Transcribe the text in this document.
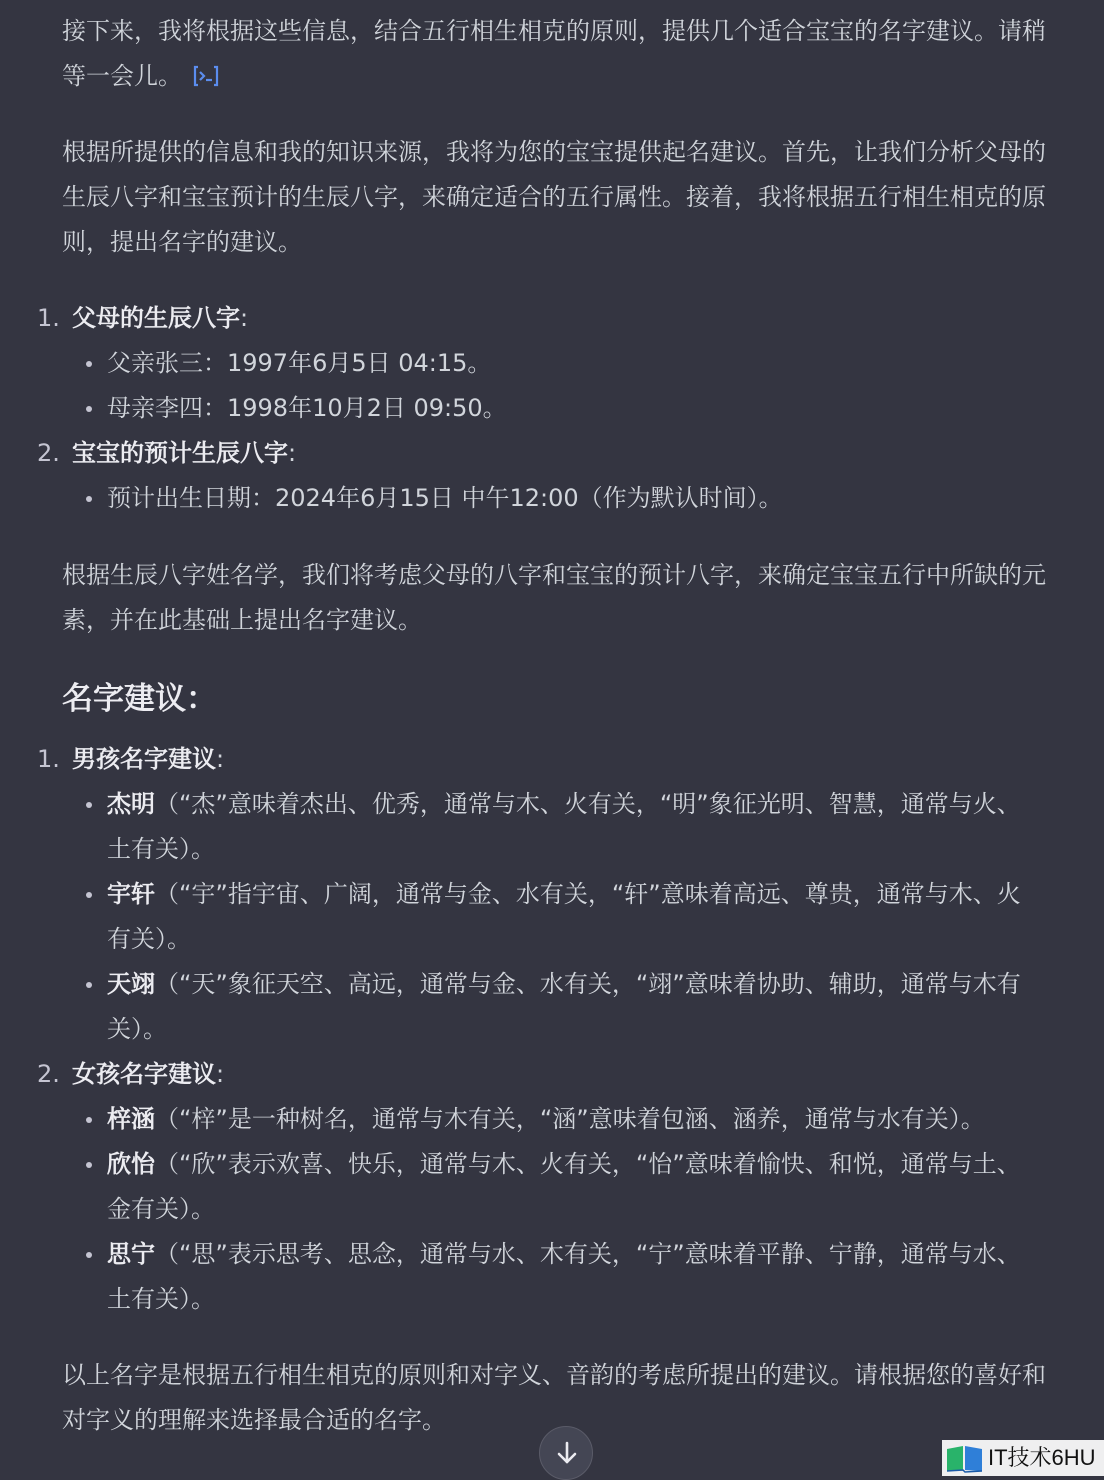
接下来，我将根据这些信息，结合五行相生相克的原则，提供几个适合宝宝的名字建议。请稍等一会儿。

根据所提供的信息和我的知识来源，我将为您的宝宝提供起名建议。首先，让我们分析父母的生辰八字和宝宝预计的生辰八字，来确定适合的五行属性。接着，我将根据五行相生相克的原则，提出名字的建议。

1. 父母的生辰八字:
父亲张三：1997年6月5日 04:15。
母亲李四：1998年10月2日 09:50。
2. 宝宝的预计生辰八字:
预计出生日期：2024年6月15日 中午12:00（作为默认时间）。

根据生辰八字姓名学，我们将考虑父母的八字和宝宝的预计八字，来确定宝宝五行中所缺的元素，并在此基础上提出名字建议。

名字建议：
1. 男孩名字建议:
杰明（“杰”意味着杰出、优秀，通常与木、火有关，“明”象征光明、智慧，通常与火、土有关）。
宇轩（“宇”指宇宙、广阔，通常与金、水有关，“轩”意味着高远、尊贵，通常与木、火有关）。
天翊（“天”象征天空、高远，通常与金、水有关，“翊”意味着协助、辅助，通常与木有关）。
2. 女孩名字建议:
梓涵（“梓”是一种树名，通常与木有关，“涵”意味着包涵、涵养，通常与水有关）。
欣怡（“欣”表示欢喜、快乐，通常与木、火有关，“怡”意味着愉快、和悦，通常与土、金有关）。
思宁（“思”表示思考、思念，通常与水、木有关，“宁”意味着平静、宁静，通常与水、土有关）。

以上名字是根据五行相生相克的原则和对字义、音韵的考虑所提出的建议。请根据您的喜好和对字义的理解来选择最合适的名字。

IT技术6HU
